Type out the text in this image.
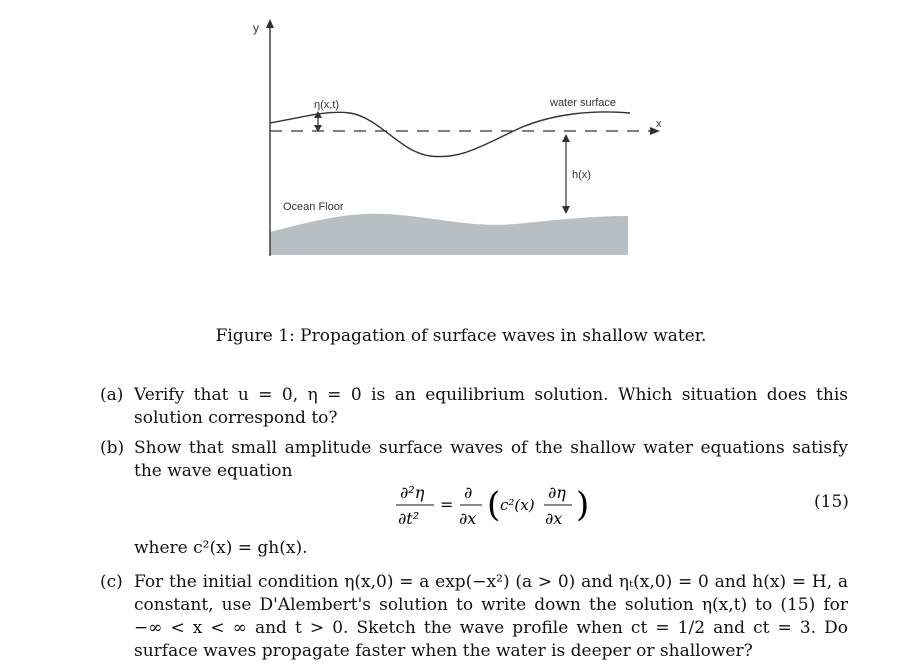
y
x
η(x,t)	water surface
h(x)
Ocean Floor
Figure 1: Propagation of surface waves in shallow water.
(a) Verify that u = 0, η = 0 is an equilibrium solution. Which situation does this solution correspond to?
(b) Show that small amplitude surface waves of the shallow water equations satisfy the wave equation
∂²η
∂t²
=
∂
∂x ( c²(x)
∂η
∂x )	(15)
where c²(x) = gh(x).
(c) For the initial condition η(x,0) = a exp(−x²) (a > 0) and ηₜ(x,0) = 0 and h(x) = H, a constant, use D'Alembert's solution to write down the solution η(x,t) to (15) for −∞ < x < ∞ and t > 0. Sketch the wave profile when ct = 1/2 and ct = 3. Do surface waves propagate faster when the water is deeper or shallower?
